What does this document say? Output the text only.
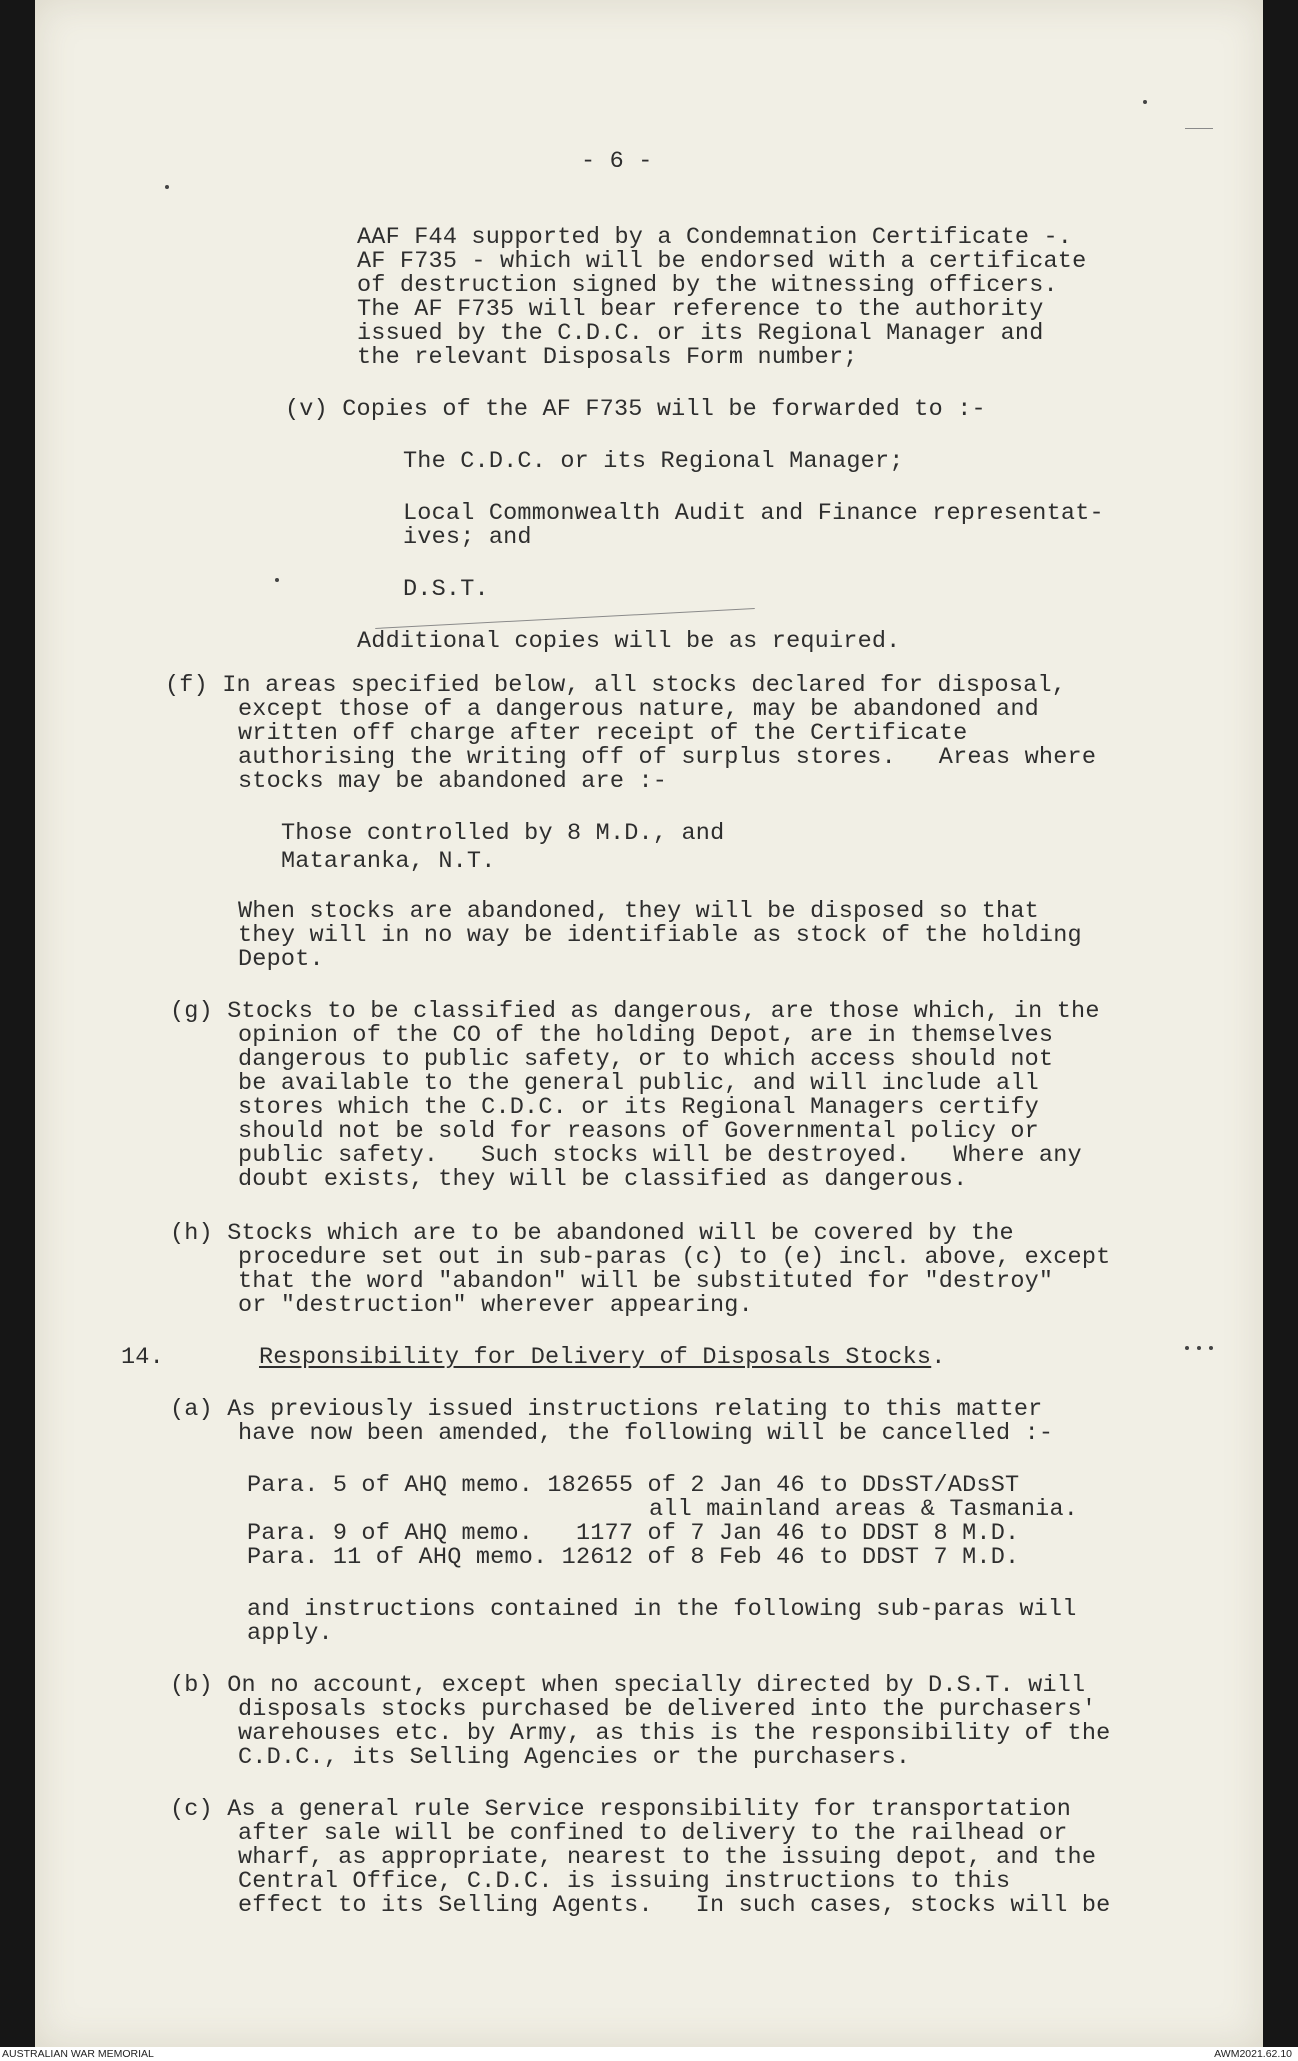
- 6 -
AAF F44 supported by a Condemnation Certificate -.
AF F735 - which will be endorsed with a certificate
of destruction signed by the witnessing officers.
The AF F735 will bear reference to the authority
issued by the C.D.C. or its Regional Manager and
the relevant Disposals Form number;
(v) Copies of the AF F735 will be forwarded to :-
The C.D.C. or its Regional Manager;
Local Commonwealth Audit and Finance representat-
ives; and
D.S.T.
Additional copies will be as required.
(f) In areas specified below, all stocks declared for disposal,
except those of a dangerous nature, may be abandoned and
written off charge after receipt of the Certificate
authorising the writing off of surplus stores.   Areas where
stocks may be abandoned are :-
Those controlled by 8 M.D., and
Mataranka, N.T.
When stocks are abandoned, they will be disposed so that
they will in no way be identifiable as stock of the holding
Depot.
(g) Stocks to be classified as dangerous, are those which, in the
opinion of the CO of the holding Depot, are in themselves
dangerous to public safety, or to which access should not
be available to the general public, and will include all
stores which the C.D.C. or its Regional Managers certify
should not be sold for reasons of Governmental policy or
public safety.   Such stocks will be destroyed.   Where any
doubt exists, they will be classified as dangerous.
(h) Stocks which are to be abandoned will be covered by the
procedure set out in sub-paras (c) to (e) incl. above, except
that the word "abandon" will be substituted for "destroy"
or "destruction" wherever appearing.
14.	Responsibility for Delivery of Disposals Stocks.
(a) As previously issued instructions relating to this matter
have now been amended, the following will be cancelled :-
Para. 5 of AHQ memo. 182655 of 2 Jan 46 to DDsST/ADsST
all mainland areas & Tasmania.
Para. 9 of AHQ memo.   1177 of 7 Jan 46 to DDST 8 M.D.
Para. 11 of AHQ memo. 12612 of 8 Feb 46 to DDST 7 M.D.
and instructions contained in the following sub-paras will
apply.
(b) On no account, except when specially directed by D.S.T. will
disposals stocks purchased be delivered into the purchasers'
warehouses etc. by Army, as this is the responsibility of the
C.D.C., its Selling Agencies or the purchasers.
(c) As a general rule Service responsibility for transportation
after sale will be confined to delivery to the railhead or
wharf, as appropriate, nearest to the issuing depot, and the
Central Office, C.D.C. is issuing instructions to this
effect to its Selling Agents.   In such cases, stocks will be
AUSTRALIAN WAR MEMORIAL	AWM2021.62.10
